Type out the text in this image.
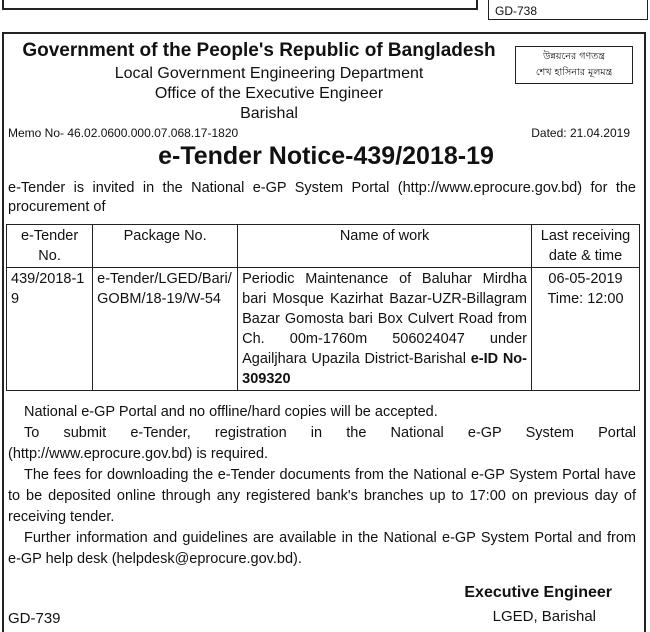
GD-738
Government of the People's Republic of Bangladesh
Local Government Engineering Department
Office of the Executive Engineer
Barishal
উন্নয়নের গণতন্ত্র
শেখ হাসিনার মূলমন্ত্র
Memo No- 46.02.0600.000.07.068.17-1820	Dated: 21.04.2019
e-Tender Notice-439/2018-19
e-Tender is invited in the National e-GP System Portal (http://www.eprocure.gov.bd) for the procurement of
e-Tender No.	Package No.	Name of work	Last receiving date & time
439/2018-19	e-Tender/LGED/Bari/GOBM/18-19/W-54	Periodic Maintenance of Baluhar Mirdha bari Mosque Kazirhat Bazar-UZR-Billagram Bazar Gomosta bari Box Culvert Road from Ch. 00m-1760m 506024047 under Agailjhara Upazila District-Barishal e-ID No-309320	06-05-2019
Time: 12:00

National e-GP Portal and no offline/hard copies will be accepted.

To submit e-Tender, registration in the National e-GP System Portal (http://www.eprocure.gov.bd) is required.

The fees for downloading the e-Tender documents from the National e-GP System Portal have to be deposited online through any registered bank's branches up to 17:00 on previous day of receiving tender.

Further information and guidelines are available in the National e-GP System Portal and from e-GP help desk (helpdesk@eprocure.gov.bd).

Executive Engineer
LGED, Barishal
GD-739
